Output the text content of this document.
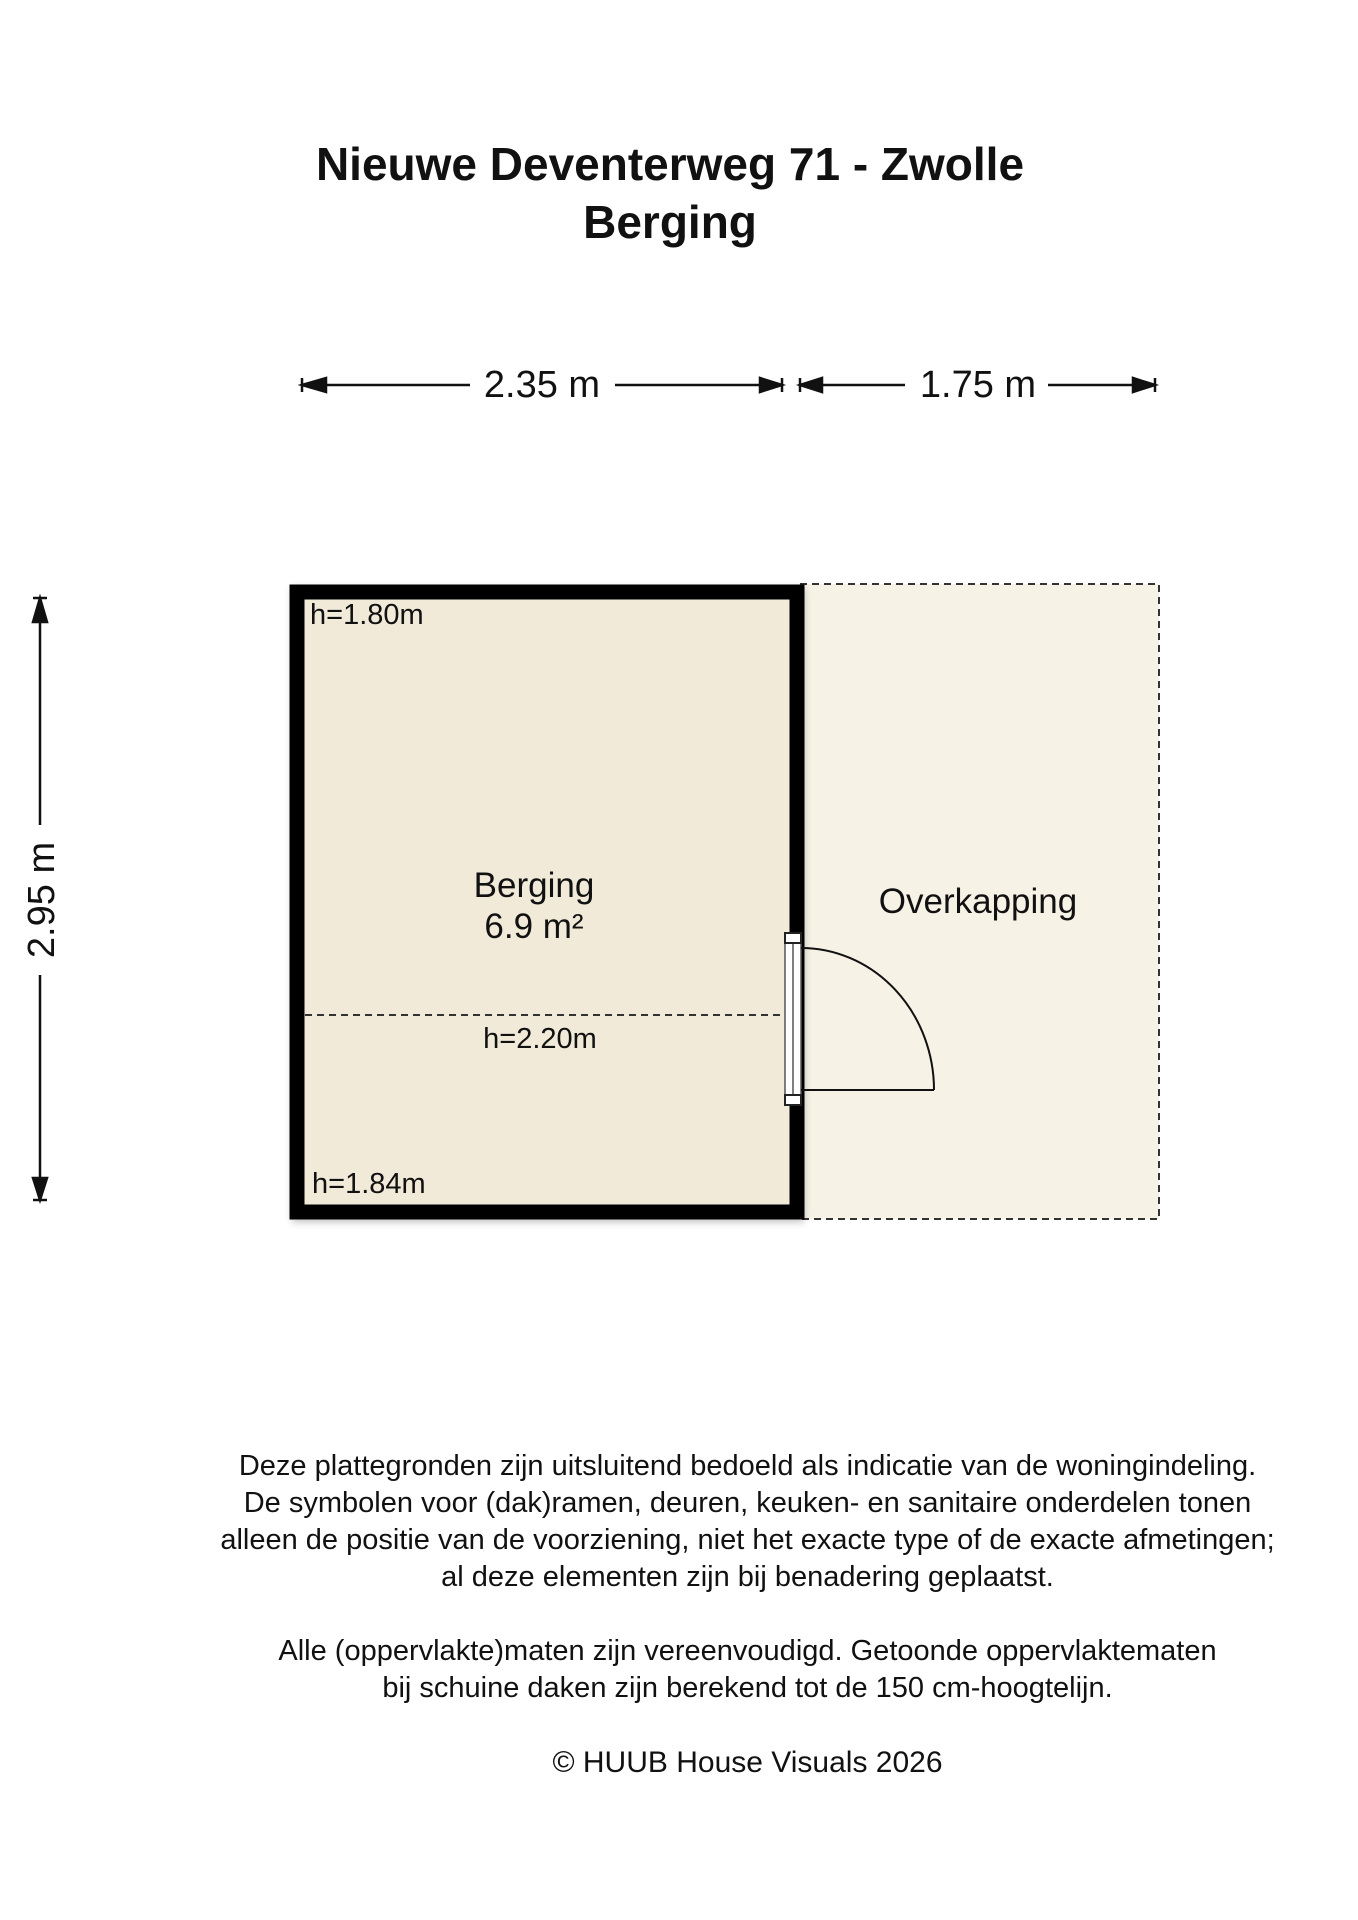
Nieuwe Deventerweg 71 - Zwolle
Berging
2.35 m	1.75 m
2.95 m	Overkapping
Berging
6.9 m²
h=1.80m
h=2.20m
h=1.84m
Deze plattegronden zijn uitsluitend bedoeld als indicatie van de woningindeling.
De symbolen voor (dak)ramen, deuren, keuken- en sanitaire onderdelen tonen
alleen de positie van de voorziening, niet het exacte type of de exacte afmetingen;
al deze elementen zijn bij benadering geplaatst.
Alle (oppervlakte)maten zijn vereenvoudigd. Getoonde oppervlaktematen
bij schuine daken zijn berekend tot de 150 cm-hoogtelijn.
© HUUB House Visuals 2026
